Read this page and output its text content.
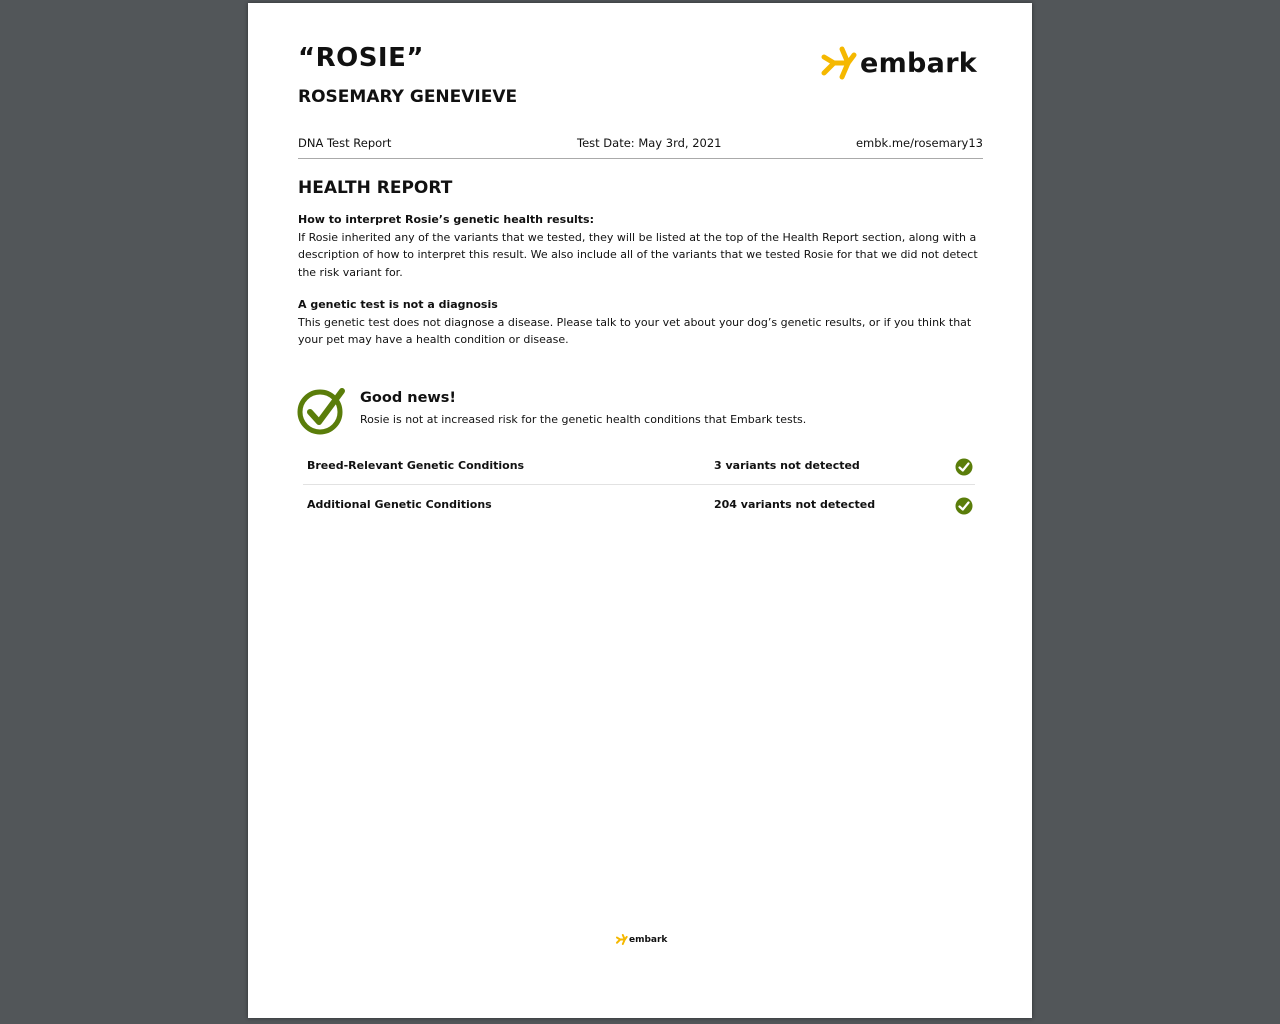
“ROSIE”
ROSEMARY GENEVIEVE
embark
DNA Test Report	Test Date: May 3rd, 2021	embk.me/rosemary13
HEALTH REPORT
How to interpret Rosie’s genetic health results:
If Rosie inherited any of the variants that we tested, they will be listed at the top of the Health Report section, along with a description of how to interpret this result. We also include all of the variants that we tested Rosie for that we did not detect the risk variant for.
A genetic test is not a diagnosis
This genetic test does not diagnose a disease. Please talk to your vet about your dog’s genetic results, or if you think that your pet may have a health condition or disease.
Good news!
Rosie is not at increased risk for the genetic health conditions that Embark tests.
Breed-Relevant Genetic Conditions	3 variants not detected
Additional Genetic Conditions	204 variants not detected
embark
